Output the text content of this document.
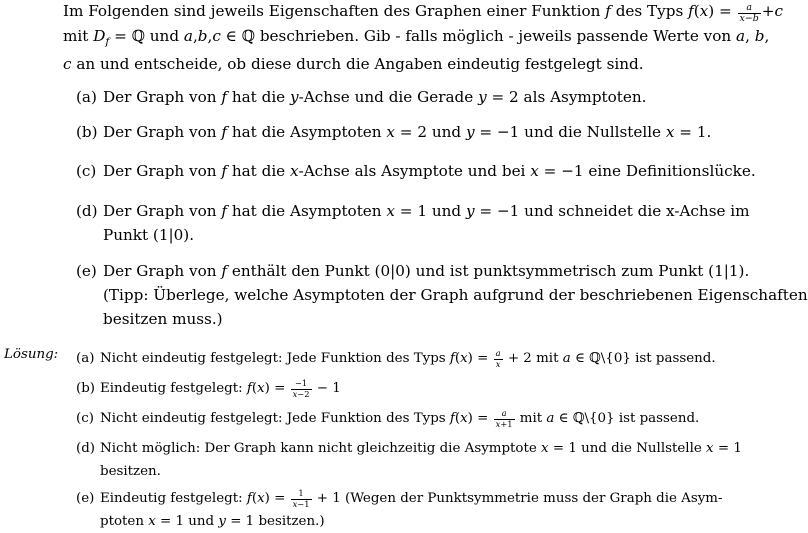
Im Folgenden sind jeweils Eigenschaften des Graphen einer Funktion f des Typs $f(x) = \frac{a}{x-b} +c$
mit $D_f$ = ℚ und a,b,c ∈ ℚ beschrieben. Gib - falls möglich - jeweils passende Werte von a, b,
c an und entscheide, ob diese durch die Angaben eindeutig festgelegt sind.
(a) Der Graph von f hat die y-Achse und die Gerade y = 2 als Asymptoten.
(b) Der Graph von f hat die Asymptoten x = 2 und y = −1 und die Nullstelle x = 1.
(c) Der Graph von f hat die x-Achse als Asymptote und bei x = −1 eine Definitionslücke.
(d) Der Graph von f hat die Asymptoten x = 1 und y = −1 und schneidet die x-Achse im
Punkt (1|0).
(e) Der Graph von f enthält den Punkt (0|0) und ist punktsymmetrisch zum Punkt (1|1).
(Tipp: Überlege, welche Asymptoten der Graph aufgrund der beschriebenen Eigenschaften
besitzen muss.)
Lösung: (a) Nicht eindeutig festgelegt: Jede Funktion des Typs $f(x) = \frac{a}{x} + 2$ mit a ∈ ℚ\{0} ist passend.
(b) Eindeutig festgelegt: $f(x) = \frac{-1}{x-2} - 1$
(c) Nicht eindeutig festgelegt: Jede Funktion des Typs $f(x) = \frac{a}{x+1}$ mit a ∈ ℚ\{0} ist passend.
(d) Nicht möglich: Der Graph kann nicht gleichzeitig die Asymptote x = 1 und die Nullstelle x = 1
besitzen.
(e) Eindeutig festgelegt: $f(x) = \frac{1}{x-1} + 1$ (Wegen der Punktsymmetrie muss der Graph die Asym-
ptoten x = 1 und y = 1 besitzen.)
